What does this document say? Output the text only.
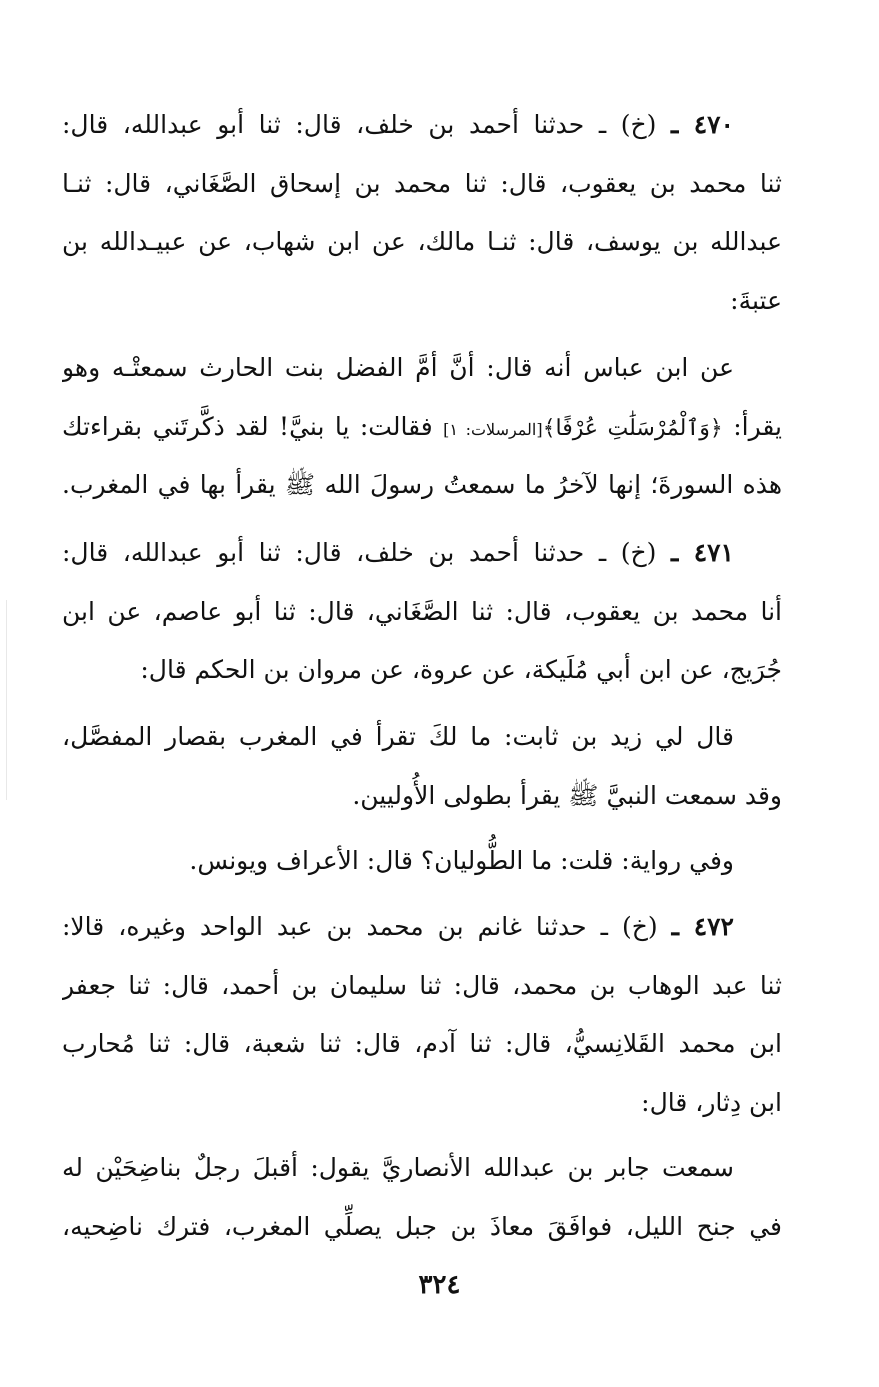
٤٧٠ ـ (خ) ـ حدثنا أحمد بن خلف، قال: ثنا أبو عبدالله، قال:
ثنا محمد بن يعقوب، قال: ثنا محمد بن إسحاق الصَّغَاني، قال: ثنـا
عبدالله بن يوسف، قال: ثنـا مالك، عن ابن شهاب، عن عبيـدالله بن
عتبةَ:
عن ابن عباس أنه قال: أنَّ أمَّ الفضل بنت الحارث سمعتْـه وهو
يقرأ: ﴿وَٱلْمُرْسَلَٰتِ عُرْفًا﴾[المرسلات: ١] فقالت: يا بنيَّ! لقد ذكَّرتَني بقراءتك
هذه السورةَ؛ إنها لآخرُ ما سمعتُ رسولَ الله ﷺ يقرأ بها في المغرب.
٤٧١ ـ (خ) ـ حدثنا أحمد بن خلف، قال: ثنا أبو عبدالله، قال:
أنا محمد بن يعقوب، قال: ثنا الصَّغَاني، قال: ثنا أبو عاصم، عن ابن
جُرَيج، عن ابن أبي مُلَيكة، عن عروة، عن مروان بن الحكم قال:
قال لي زيد بن ثابت: ما لكَ تقرأ في المغرب بقصار المفصَّل،
وقد سمعت النبيَّ ﷺ يقرأ بطولى الأُوليين.
وفي رواية: قلت: ما الطُّوليان؟ قال: الأعراف ويونس.
٤٧٢ ـ (خ) ـ حدثنا غانم بن محمد بن عبد الواحد وغيره، قالا:
ثنا عبد الوهاب بن محمد، قال: ثنا سليمان بن أحمد، قال: ثنا جعفر
ابن محمد القَلانِسيُّ، قال: ثنا آدم، قال: ثنا شعبة، قال: ثنا مُحارب
ابن دِثار، قال:
سمعت جابر بن عبدالله الأنصاريَّ يقول: أقبلَ رجلٌ بناضِحَيْن له
في جنح الليل، فوافَقَ معاذَ بن جبل يصلِّي المغرب، فترك ناضِحيه،
٣٢٤
